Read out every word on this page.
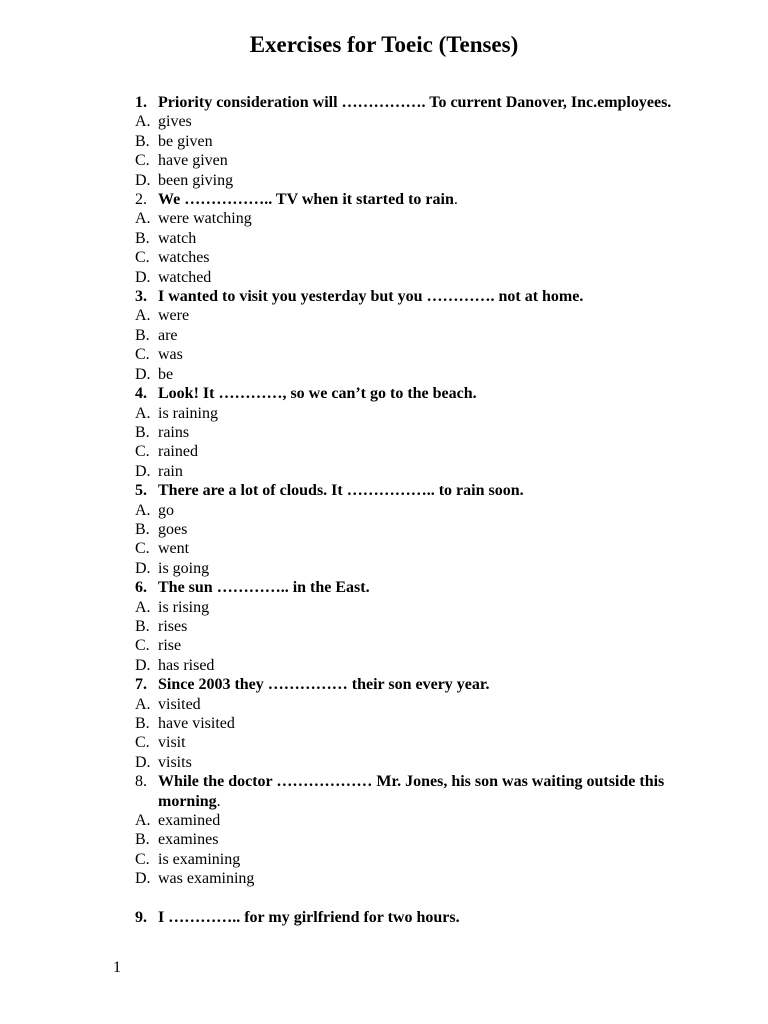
Exercises for Toeic (Tenses)
1. Priority consideration will ……………. To current Danover, Inc.employees.
A. gives
B. be given
C. have given
D. been giving
2. We …………….. TV when it started to rain.
A. were watching
B. watch
C. watches
D. watched
3. I wanted to visit you yesterday but you …………. not at home.
A. were
B. are
C. was
D. be
4. Look! It …………, so we can’t go to the beach.
A. is raining
B. rains
C. rained
D. rain
5. There are a lot of clouds. It …………….. to rain soon.
A. go
B. goes
C. went
D. is going
6. The sun ………….. in the East.
A. is rising
B. rises
C. rise
D. has rised
7. Since 2003 they …………… their son every year.
A. visited
B. have visited
C. visit
D. visits
8. While the doctor ……………… Mr. Jones, his son was waiting outside this morning.
A. examined
B. examines
C. is examining
D. was examining
9. I ………….. for my girlfriend for two hours.
1
